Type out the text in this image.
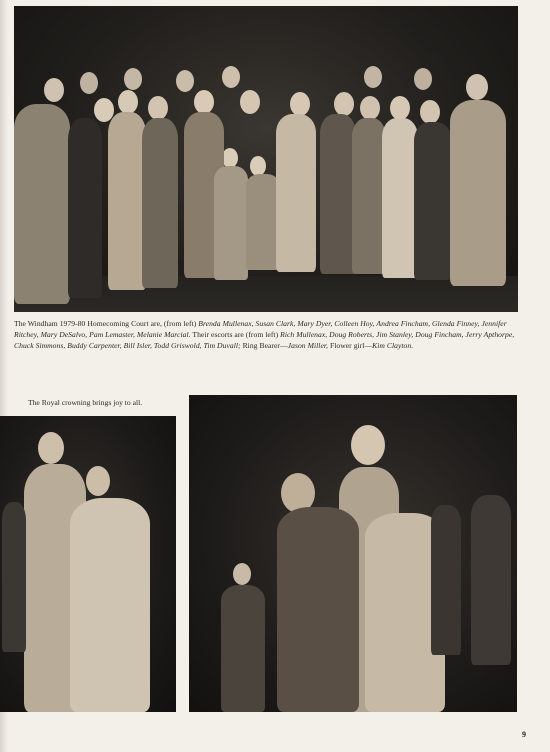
The Windham 1979-80 Homecoming Court are, (from left) Brenda Mullenax, Susan Clark, Mary Dyer, Colleen Hoy, Andrea Fincham, Glenda Finney, Jennifer Ritchey, Mary DeSalvo, Pam Lemaster, Melanie Marcial. Their escorts are (from left) Rich Mullenax, Doug Roberts, Jim Stanley, Doug Fincham, Jerry Apthorpe, Chuck Simmons, Buddy Carpenter, Bill Isler, Todd Griswold, Tim Duvall; Ring Bearer—Jason Miller, Flower girl—Kim Clayton.
The Royal crowning brings joy to all.
9
